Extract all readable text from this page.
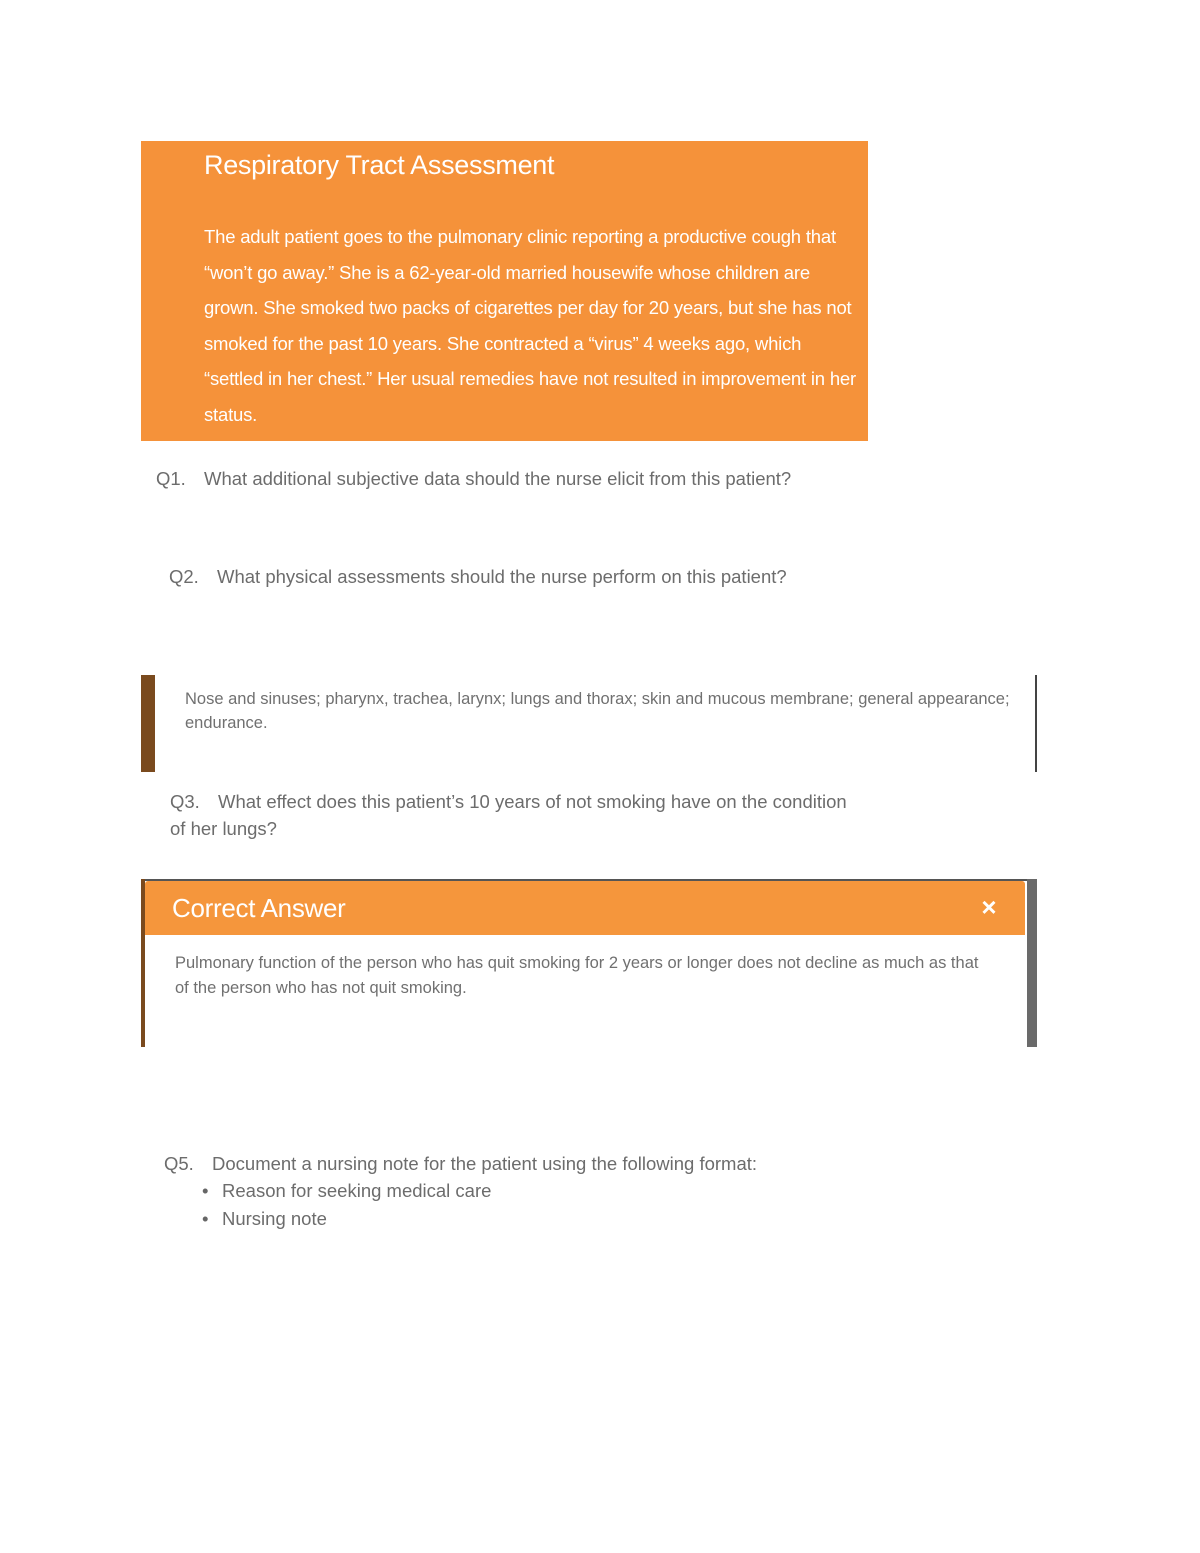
Respiratory Tract Assessment

The adult patient goes to the pulmonary clinic reporting a productive cough that “won’t go away.” She is a 62-year-old married housewife whose children are grown. She smoked two packs of cigarettes per day for 20 years, but she has not smoked for the past 10 years. She contracted a “virus” 4 weeks ago, which “settled in her chest.” Her usual remedies have not resulted in improvement in her status.

Q1. What additional subjective data should the nurse elicit from this patient?

Q2. What physical assessments should the nurse perform on this patient?

Nose and sinuses; pharynx, trachea, larynx; lungs and thorax; skin and mucous membrane; general appearance; endurance.

Q3. What effect does this patient’s 10 years of not smoking have on the condition of her lungs?

Correct Answer	×

Pulmonary function of the person who has quit smoking for 2 years or longer does not decline as much as that of the person who has not quit smoking.

Q5. Document a nursing note for the patient using the following format:
• Reason for seeking medical care
• Nursing note
